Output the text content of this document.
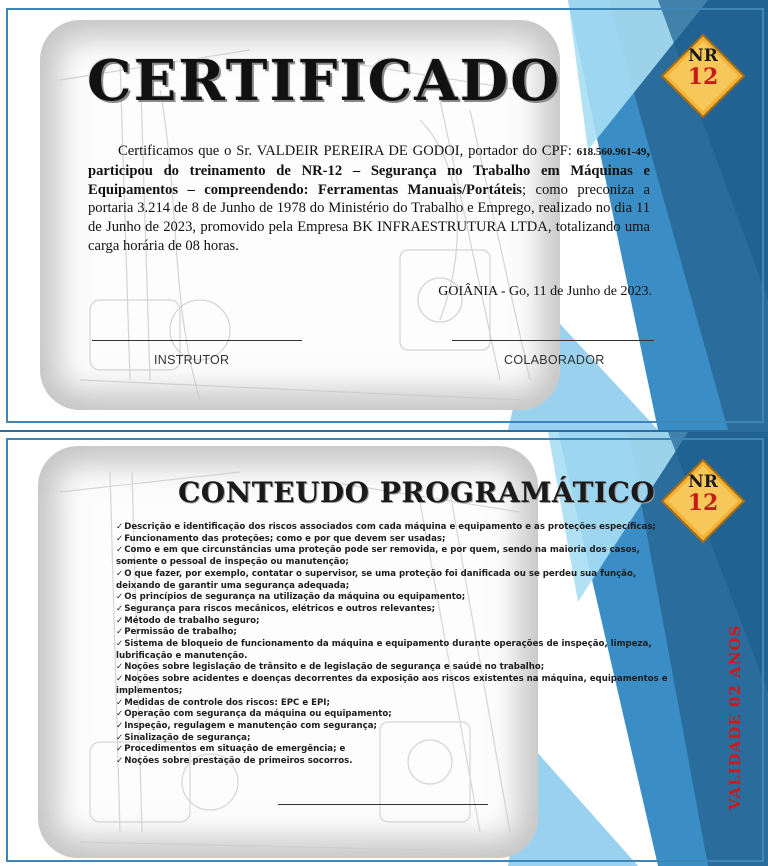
NR
12
CERTIFICADO
Certificamos que o Sr. VALDEIR PEREIRA DE GODOI, portador do CPF: 618.560.961-49, participou do treinamento de NR-12 – Segurança no Trabalho em Máquinas e Equipamentos – compreendendo: Ferramentas Manuais/Portáteis; como preconiza a portaria 3.214 de 8 de Junho de 1978 do Ministério do Trabalho e Emprego, realizado no dia 11 de Junho de 2023, promovido pela Empresa BK INFRAESTRUTURA LTDA, totalizando uma carga horária de 08 horas.
GOIÂNIA - Go, 11 de Junho de 2023.
INSTRUTOR	COLABORADOR
NR
12
CONTEUDO PROGRAMÁTICO
✓Descrição e identificação dos riscos associados com cada máquina e equipamento e as proteções específicas;
✓Funcionamento das proteções; como e por que devem ser usadas;
✓Como e em que circunstâncias uma proteção pode ser removida, e por quem, sendo na maioria dos casos, somente o pessoal de inspeção ou manutenção;
✓O que fazer, por exemplo, contatar o supervisor, se uma proteção foi danificada ou se perdeu sua função, deixando de garantir uma segurança adequada;
✓Os princípios de segurança na utilização da máquina ou equipamento;
✓Segurança para riscos mecânicos, elétricos e outros relevantes;
✓Método de trabalho seguro;
✓Permissão de trabalho;
✓Sistema de bloqueio de funcionamento da máquina e equipamento durante operações de inspeção, limpeza, lubrificação e manutenção.
✓Noções sobre legislação de trânsito e de legislação de segurança e saúde no trabalho;
✓Noções sobre acidentes e doenças decorrentes da exposição aos riscos existentes na máquina, equipamentos e implementos;
✓Medidas de controle dos riscos: EPC e EPI;
✓Operação com segurança da máquina ou equipamento;
✓Inspeção, regulagem e manutenção com segurança;
✓Sinalização de segurança;
✓Procedimentos em situação de emergência; e
✓Noções sobre prestação de primeiros socorros.	VALIDADE 02 ANOS
